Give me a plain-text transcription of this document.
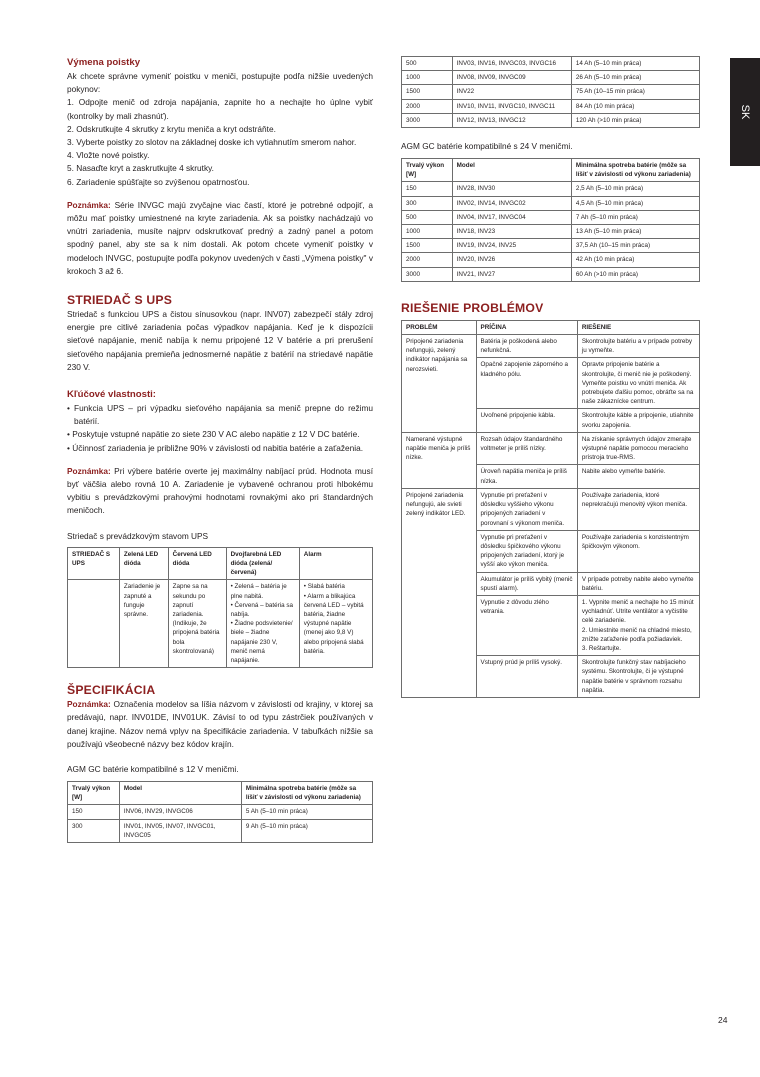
SK
Výmena poistky

Ak chcete správne vymeniť poistku v meniči, postupujte podľa nižšie uvedených pokynov:

1. Odpojte menič od zdroja napájania, zapnite ho a nechajte ho úplne vybiť (kontrolky by mali zhasnúť).

2. Odskrutkujte 4 skrutky z krytu meniča a kryt odstráňte.

3. Vyberte poistky zo slotov na základnej doske ich vytiahnutím smerom nahor.

4. Vložte nové poistky.

5. Nasaďte kryt a zaskrutkujte 4 skrutky.

6. Zariadenie spúšťajte so zvýšenou opatrnosťou.

Poznámka: Série INVGC majú zvyčajne viac častí, ktoré je potrebné odpojiť, a môžu mať poistky umiestnené na kryte zariadenia. Ak sa poistky nachádzajú vo vnútri zariadenia, musíte najprv odskrutkovať predný a zadný panel a potom spodný panel, aby ste sa k nim dostali. Ak potom chcete vymeniť poistky v modeloch INVGC, postupujte podľa pokynov uvedených v časti „Výmena poistky" v krokoch 3 až 6.

STRIEDAČ S UPS

Striedač s funkciou UPS a čistou sínusovkou (napr. INV07) zabezpečí stály zdroj energie pre citlivé zariadenia počas výpadkov napájania. Keď je k dispozícii sieťové napájanie, menič nabíja k nemu pripojené 12 V batérie a pri prerušení sieťového napájania premieňa jednosmerné napätie z batérií na striedavé napätie 230 V.

Kľúčové vlastnosti:

• Funkcia UPS – pri výpadku sieťového napájania sa menič prepne do režimu batérií.

• Poskytuje vstupné napätie zo siete 230 V AC alebo napätie z 12 V DC batérie.

• Účinnosť zariadenia je približne 90% v závislosti od nabitia batérie a zaťaženia.

Poznámka: Pri výbere batérie overte jej maximálny nabíjací prúd. Hodnota musí byť väčšia alebo rovná 10 A. Zariadenie je vybavené ochranou proti hlbokému vybitiu s prevádzkovými prahovými hodnotami rovnakými ako pri štandardných meničoch.

Striedač s prevádzkovým stavom UPS
STRIEDAČ S UPS	Zelená LED dióda	Červená LED dióda	Dvojfarebná LED dióda (zelená/ červená)	Alarm
	Zariadenie je zapnuté a funguje správne.	Zapne sa na sekundu po zapnutí zariadenia. (Indikuje, že pripojená batéria bola skontrolovaná)	• Zelená – batéria je plne nabitá.
• Červená – batéria sa nabíja.
• Žiadne podsvietenie/ biele – žiadne napájanie 230 V, menič nemá napájanie.	• Slabá batéria
• Alarm a blikajúca červená LED – vybitá batéria, žiadne výstupné napätie (menej ako 9,8 V) alebo pripojená slabá batéria.
ŠPECIFIKÁCIA

Poznámka: Označenia modelov sa líšia názvom v závislosti od krajiny, v ktorej sa predávajú, napr. INV01DE, INV01UK. Závisí to od typu zástrčiek používaných v danej krajine. Názov nemá vplyv na špecifikácie zariadenia. V tabuľkách nižšie sa používajú všeobecné názvy bez kódov krajín.

AGM GC batérie kompatibilné s 12 V meničmi.
Trvalý výkon [W]	Model	Minimálna spotreba batérie (môže sa líšiť v závislosti od výkonu zariadenia)
150	INV06, INV29, INVGC06	5 Ah (5–10 min práca)
300	INV01, INV05, INV07, INVGC01, INVGC05	9 Ah (5–10 min práca)
500	INV03, INV16, INVGC03, INVGC16	14 Ah (5–10 min práca)
1000	INV08, INV09, INVGC09	26 Ah (5–10 min práca)
1500	INV22	75 Ah (10–15 min práca)
2000	INV10, INV11, INVGC10, INVGC11	84 Ah (10 min práca)
3000	INV12, INV13, INVGC12	120 Ah (>10 min práca)
AGM GC batérie kompatibilné s 24 V meničmi.
Trvalý výkon [W]	Model	Minimálna spotreba batérie (môže sa líšiť v závislosti od výkonu zariadenia)
150	INV28, INV30	2,5 Ah (5–10 min práca)
300	INV02, INV14, INVGC02	4,5 Ah (5–10 min práca)
500	INV04, INV17, INVGC04	7 Ah (5–10 min práca)
1000	INV18, INV23	13 Ah (5–10 min práca)
1500	INV19, INV24, INV25	37,5 Ah (10–15 min práca)
2000	INV20, INV26	42 Ah (10 min práca)
3000	INV21, INV27	60 Ah (>10 min práca)
RIEŠENIE PROBLÉMOV
PROBLÉM	PRÍČINA	RIEŠENIE
Pripojené zariadenia nefungujú, zelený indikátor napájania sa nerozsvieti.	Batéria je poškodená alebo nefunkčná.	Skontrolujte batériu a v prípade potreby ju vymeňte.
	Opačné zapojenie záporného a kladného pólu.	Opravte pripojenie batérie a skontrolujte, či menič nie je poškodený. Vymeňte poistku vo vnútri meniča. Ak potrebujete ďalšiu pomoc, obráťte sa na naše zákaznícke centrum.
	Uvoľnené pripojenie kábla.	Skontrolujte káble a pripojenie, utiahnite svorku zapojenia.
Namerané výstupné napätie meniča je príliš nízke.	Rozsah údajov štandardného voltmeter je príliš nízky.	Na získanie správnych údajov zmerajte výstupné napätie pomocou meracieho prístroja true-RMS.
	Úroveň napätia meniča je príliš nízka.	Nabite alebo vymeňte batérie.
Pripojené zariadenia nefungujú, ale svieti zelený indikátor LED.	Vypnutie pri preťažení v dôsledku vyššieho výkonu pripojených zariadení v porovnaní s výkonom meniča.	Používajte zariadenia, ktoré neprekračujú menovitý výkon meniča.
	Vypnutie pri preťažení v dôsledku špičkového výkonu pripojených zariadení, ktorý je vyšší ako výkon meniča.	Používajte zariadenia s konzistentným špičkovým výkonom.
	Akumulátor je príliš vybitý (menič spustí alarm).	V prípade potreby nabite alebo vymeňte batériu.
	Vypnutie z dôvodu zlého vetrania.	1. Vypnite menič a nechajte ho 15 minút vychladnúť. Utrite ventilátor a vyčistite celé zariadenie.
2. Umiestnite menič na chladné miesto, znížte zaťaženie podľa požiadaviek.
3. Reštartujte.
	Vstupný prúd je príliš vysoký.	Skontrolujte funkčný stav nabíjacieho systému. Skontrolujte, či je výstupné napätie batérie v správnom rozsahu napätia.
24
